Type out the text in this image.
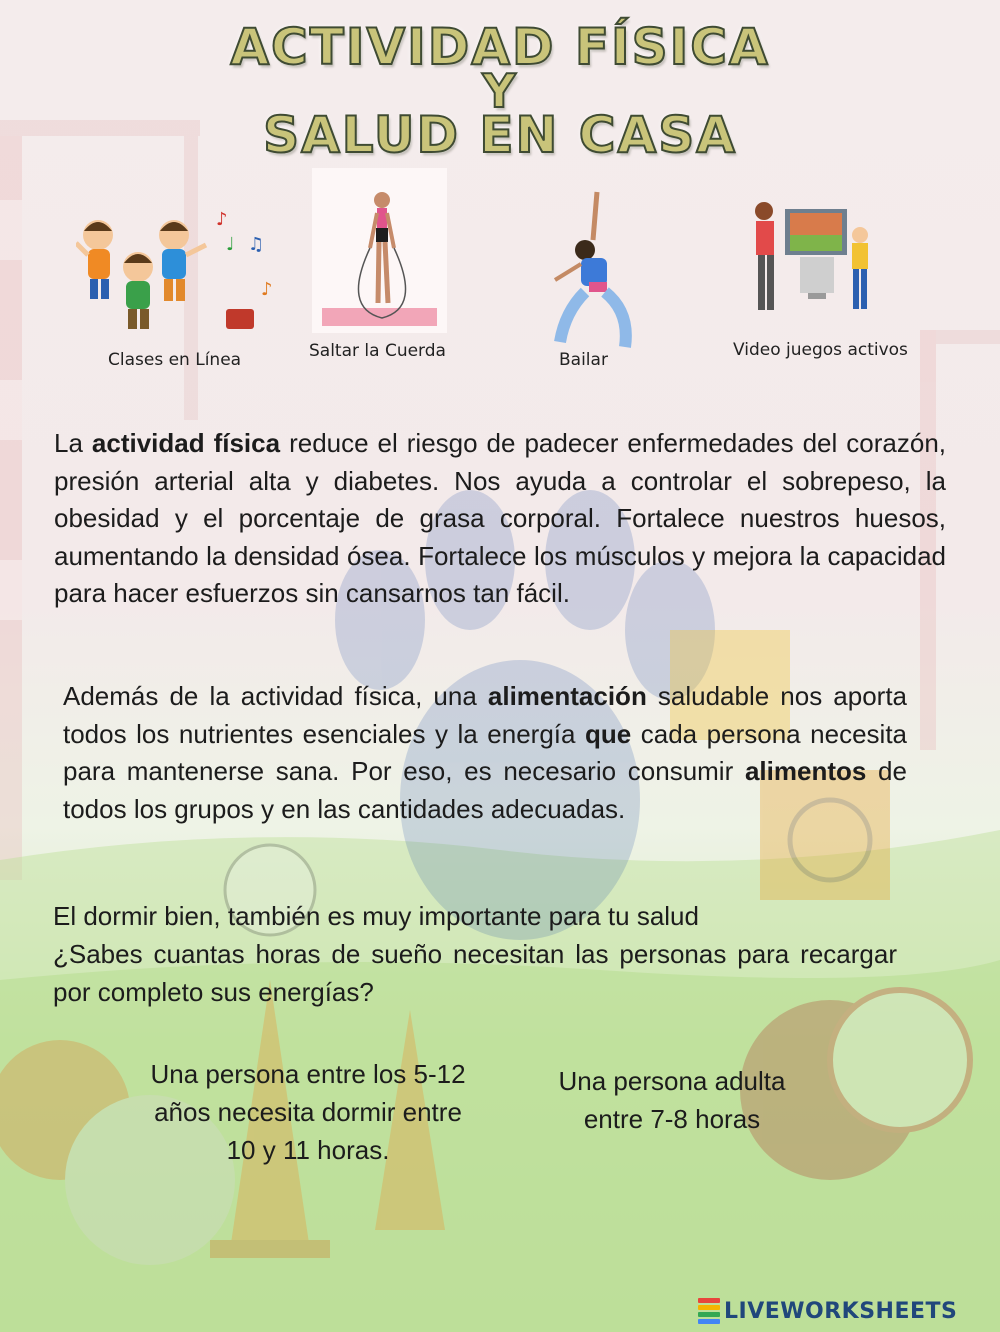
ACTIVIDAD FÍSICA
Y
SALUD EN CASA
♪
♩ ♫
♪
Clases en Línea	Saltar la Cuerda	Bailar	Video juegos activos

La actividad física reduce el riesgo de padecer enfermedades del corazón, presión arterial alta y diabetes. Nos ayuda a controlar el sobrepeso, la obesidad y el porcentaje de grasa corporal. Fortalece nuestros huesos, aumentando la densidad ósea. Fortalece los músculos y mejora la capacidad para hacer esfuerzos sin cansarnos tan fácil.

Además de la actividad física, una alimentación saludable nos aporta todos los nutrientes esenciales y la energía que cada persona necesita para mantenerse sana. Por eso, es necesario consumir alimentos de todos los grupos y en las cantidades adecuadas.

El dormir bien, también es muy importante para tu salud
¿Sabes cuantas horas de sueño necesitan las personas para recargar por completo sus energías?
Una persona entre los 5-12 años necesita dormir entre 10 y 11 horas.
Una persona adulta entre 7-8 horas
LIVEWORKSHEETS
